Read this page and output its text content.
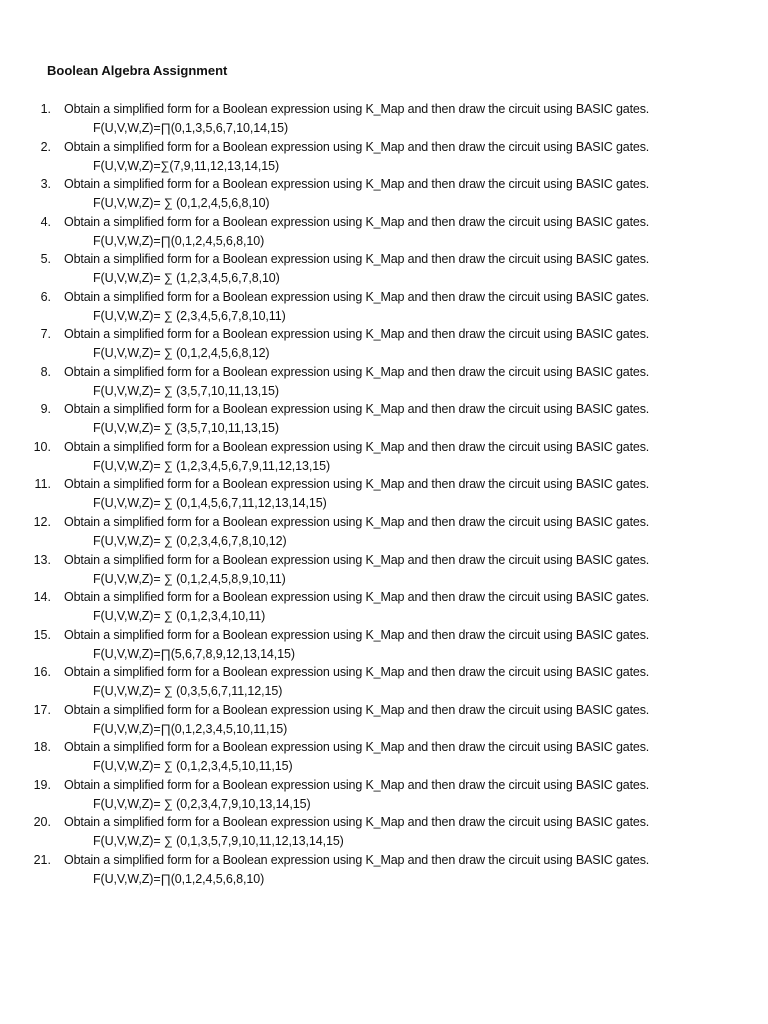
Boolean Algebra Assignment
1. Obtain a simplified form for a Boolean expression using K_Map and then draw the circuit using BASIC gates.
F(U,V,W,Z)=∏(0,1,3,5,6,7,10,14,15)
2. Obtain a simplified form for a Boolean expression using K_Map and then draw the circuit using BASIC gates.
F(U,V,W,Z)=∑(7,9,11,12,13,14,15)
3. Obtain a simplified form for a Boolean expression using K_Map and then draw the circuit using BASIC gates.
F(U,V,W,Z)= ∑ (0,1,2,4,5,6,8,10)
4. Obtain a simplified form for a Boolean expression using K_Map and then draw the circuit using BASIC gates.
F(U,V,W,Z)=∏(0,1,2,4,5,6,8,10)
5. Obtain a simplified form for a Boolean expression using K_Map and then draw the circuit using BASIC gates.
F(U,V,W,Z)= ∑ (1,2,3,4,5,6,7,8,10)
6. Obtain a simplified form for a Boolean expression using K_Map and then draw the circuit using BASIC gates.
F(U,V,W,Z)= ∑ (2,3,4,5,6,7,8,10,11)
7. Obtain a simplified form for a Boolean expression using K_Map and then draw the circuit using BASIC gates.
F(U,V,W,Z)= ∑ (0,1,2,4,5,6,8,12)
8. Obtain a simplified form for a Boolean expression using K_Map and then draw the circuit using BASIC gates.
F(U,V,W,Z)= ∑ (3,5,7,10,11,13,15)
9. Obtain a simplified form for a Boolean expression using K_Map and then draw the circuit using BASIC gates.
F(U,V,W,Z)= ∑ (3,5,7,10,11,13,15)
10. Obtain a simplified form for a Boolean expression using K_Map and then draw the circuit using BASIC gates.
F(U,V,W,Z)= ∑ (1,2,3,4,5,6,7,9,11,12,13,15)
11. Obtain a simplified form for a Boolean expression using K_Map and then draw the circuit using BASIC gates.
F(U,V,W,Z)= ∑ (0,1,4,5,6,7,11,12,13,14,15)
12. Obtain a simplified form for a Boolean expression using K_Map and then draw the circuit using BASIC gates.
F(U,V,W,Z)= ∑ (0,2,3,4,6,7,8,10,12)
13. Obtain a simplified form for a Boolean expression using K_Map and then draw the circuit using BASIC gates.
F(U,V,W,Z)= ∑ (0,1,2,4,5,8,9,10,11)
14. Obtain a simplified form for a Boolean expression using K_Map and then draw the circuit using BASIC gates.
F(U,V,W,Z)= ∑ (0,1,2,3,4,10,11)
15. Obtain a simplified form for a Boolean expression using K_Map and then draw the circuit using BASIC gates.
F(U,V,W,Z)=∏(5,6,7,8,9,12,13,14,15)
16. Obtain a simplified form for a Boolean expression using K_Map and then draw the circuit using BASIC gates.
F(U,V,W,Z)= ∑ (0,3,5,6,7,11,12,15)
17. Obtain a simplified form for a Boolean expression using K_Map and then draw the circuit using BASIC gates.
F(U,V,W,Z)=∏(0,1,2,3,4,5,10,11,15)
18. Obtain a simplified form for a Boolean expression using K_Map and then draw the circuit using BASIC gates.
F(U,V,W,Z)= ∑ (0,1,2,3,4,5,10,11,15)
19. Obtain a simplified form for a Boolean expression using K_Map and then draw the circuit using BASIC gates.
F(U,V,W,Z)= ∑ (0,2,3,4,7,9,10,13,14,15)
20. Obtain a simplified form for a Boolean expression using K_Map and then draw the circuit using BASIC gates.
F(U,V,W,Z)= ∑ (0,1,3,5,7,9,10,11,12,13,14,15)
21. Obtain a simplified form for a Boolean expression using K_Map and then draw the circuit using BASIC gates.
F(U,V,W,Z)=∏(0,1,2,4,5,6,8,10)
